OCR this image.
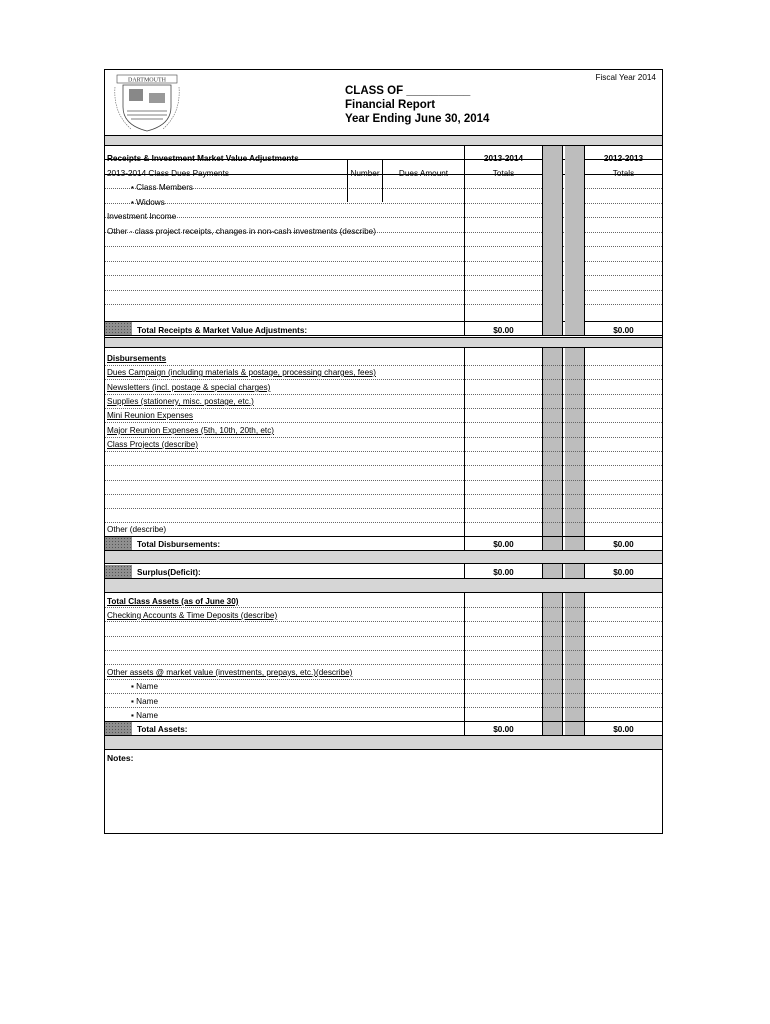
Fiscal Year 2014
DARTMOUTH
CLASS OF __________
Financial Report
Year Ending June 30, 2014
Receipts & Investment Market Value Adjustments	2013-2014	2012-2013
2013-2014 Class Dues Payments	Number	Dues Amount	Totals	Totals
• Class Members
• Widows
Investment Income
Other - class project receipts, changes in non-cash investments (describe)
Total Receipts & Market Value Adjustments:	$0.00	$0.00
Disbursements
Dues Campaign (including materials & postage, processing charges, fees)
Newsletters (incl. postage & special charges)
Supplies (stationery, misc. postage, etc.)
Mini Reunion Expenses
Major Reunion Expenses (5th, 10th, 20th, etc)
Class Projects (describe)
Other (describe)
Total Disbursements:	$0.00	$0.00
Surplus(Deficit):	$0.00	$0.00
Total Class Assets (as of June 30)
Checking Accounts & Time Deposits (describe)
Other assets @ market value (investments, prepays, etc.)(describe)
▪ Name
▪ Name
▪ Name
Total Assets:	$0.00	$0.00
Notes:
